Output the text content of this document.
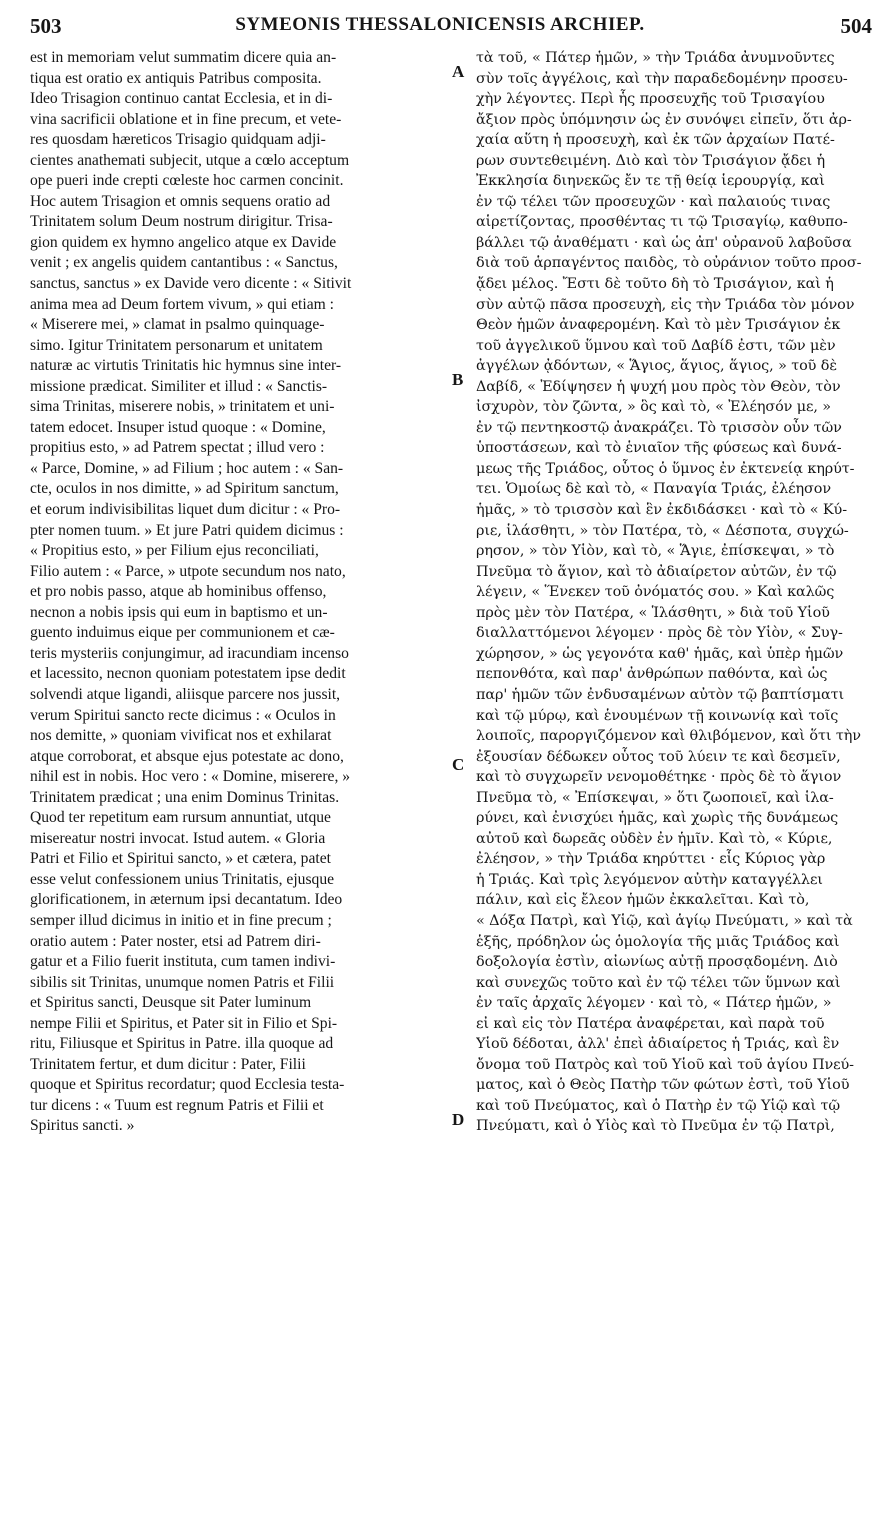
503	SYMEONIS THESSALONICENSIS ARCHIEP.	504
est in memoriam velut summatim dicere quia an-
tiqua est oratio ex antiquis Patribus composita.
Ideo Trisagion continuo cantat Ecclesia, et in di-
vina sacrificii oblatione et in fine precum, et vete-
res quosdam hæreticos Trisagio quidquam adji-
cientes anathemati subjecit, utque a cœlo acceptum
ope pueri inde crepti cœleste hoc carmen concinit.
Hoc autem Trisagion et omnis sequens oratio ad
Trinitatem solum Deum nostrum dirigitur. Trisa-
gion quidem ex hymno angelico atque ex Davide
venit ; ex angelis quidem cantantibus : « Sanctus,
sanctus, sanctus » ex Davide vero dicente : « Sitivit
anima mea ad Deum fortem vivum, » qui etiam :
« Miserere mei, » clamat in psalmo quinquage-
simo. Igitur Trinitatem personarum et unitatem
naturæ ac virtutis Trinitatis hic hymnus sine inter-
missione prædicat. Similiter et illud : « Sanctis-
sima Trinitas, miserere nobis, » trinitatem et uni-
tatem edocet. Insuper istud quoque : « Domine,
propitius esto, » ad Patrem spectat ; illud vero :
« Parce, Domine, » ad Filium ; hoc autem : « San-
cte, oculos in nos dimitte, » ad Spiritum sanctum,
et eorum indivisibilitas liquet dum dicitur : « Pro-
pter nomen tuum. » Et jure Patri quidem dicimus :
« Propitius esto, » per Filium ejus reconciliati,
Filio autem : « Parce, » utpote secundum nos nato,
et pro nobis passo, atque ab hominibus offenso,
necnon a nobis ipsis qui eum in baptismo et un-
guento induimus eique per communionem et cæ-
teris mysteriis conjungimur, ad iracundiam incenso
et lacessito, necnon quoniam potestatem ipse dedit
solvendi atque ligandi, aliisque parcere nos jussit,
verum Spiritui sancto recte dicimus : « Oculos in
nos demitte, » quoniam vivificat nos et exhilarat
atque corroborat, et absque ejus potestate ac dono,
nihil est in nobis. Hoc vero : « Domine, miserere, »
Trinitatem prædicat ; una enim Dominus Trinitas.
Quod ter repetitum eam rursum annuntiat, utque
misereatur nostri invocat. Istud autem. « Gloria
Patri et Filio et Spiritui sancto, » et cætera, patet
esse velut confessionem unius Trinitatis, ejusque
glorificationem, in æternum ipsi decantatum. Ideo
semper illud dicimus in initio et in fine precum ;
oratio autem : Pater noster, etsi ad Patrem diri-
gatur et a Filio fuerit instituta, cum tamen indivi-
sibilis sit Trinitas, unumque nomen Patris et Filii
et Spiritus sancti, Deusque sit Pater luminum
nempe Filii et Spiritus, et Pater sit in Filio et Spi-
ritu, Filiusque et Spiritus in Patre. illa quoque ad
Trinitatem fertur, et dum dicitur : Pater, Filii
quoque et Spiritus recordatur; quod Ecclesia testa-
tur dicens : « Tuum est regnum Patris et Filii et
Spiritus sancti. »
τὰ τοῦ, « Πάτερ ἡμῶν, » τὴν Τριάδα ἀνυμνοῦντες
σὺν τοῖς ἀγγέλοις, καὶ τὴν παραδεδομένην προσευ-
χὴν λέγοντες. Περὶ ἧς προσευχῆς τοῦ Τρισαγίου
ἄξιον πρὸς ὑπόμνησιν ὡς ἐν συνόψει εἰπεῖν, ὅτι ἀρ-
χαία αὕτη ἡ προσευχὴ, καὶ ἐκ τῶν ἀρχαίων Πατέ-
ρων συντεθειμένη. Διὸ καὶ τὸν Τρισάγιον ᾄδει ἡ
Ἐκκλησία διηνεκῶς ἔν τε τῇ θείᾳ ἱερουργίᾳ, καὶ
ἐν τῷ τέλει τῶν προσευχῶν · καὶ παλαιούς τινας
αἱρετίζοντας, προσθέντας τι τῷ Τρισαγίῳ, καθυπο-
βάλλει τῷ ἀναθέματι · καὶ ὡς ἀπ' οὐρανοῦ λαβοῦσα
διὰ τοῦ ἁρπαγέντος παιδὸς, τὸ οὐράνιον τοῦτο προσ-
ᾄδει μέλος. Ἔστι δὲ τοῦτο δὴ τὸ Τρισάγιον, καὶ ἡ
σὺν αὐτῷ πᾶσα προσευχὴ, εἰς τὴν Τριάδα τὸν μόνον
Θεὸν ἡμῶν ἀναφερομένη. Καὶ τὸ μὲν Τρισάγιον ἐκ
τοῦ ἀγγελικοῦ ὕμνου καὶ τοῦ Δαβίδ ἐστι, τῶν μὲν
ἀγγέλων ᾀδόντων, « Ἅγιος, ἅγιος, ἅγιος, » τοῦ δὲ
Δαβίδ, « Ἐδίψησεν ἡ ψυχή μου πρὸς τὸν Θεὸν, τὸν
ἰσχυρὸν, τὸν ζῶντα, » ὃς καὶ τὸ, « Ἐλέησόν με, »
ἐν τῷ πεντηκοστῷ ἀνακράζει. Τὸ τρισσὸν οὖν τῶν
ὑποστάσεων, καὶ τὸ ἑνιαῖον τῆς φύσεως καὶ δυνά-
μεως τῆς Τριάδος, οὗτος ὁ ὕμνος ἐν ἐκτενείᾳ κηρύτ-
τει. Ὁμοίως δὲ καὶ τὸ, « Παναγία Τριάς, ἐλέησον
ἡμᾶς, » τὸ τρισσὸν καὶ ἓν ἐκδιδάσκει · καὶ τὸ « Κύ-
ριε, ἱλάσθητι, » τὸν Πατέρα, τὸ, « Δέσποτα, συγχώ-
ρησον, » τὸν Υἱὸν, καὶ τὸ, « Ἅγιε, ἐπίσκεψαι, » τὸ
Πνεῦμα τὸ ἅγιον, καὶ τὸ ἀδιαίρετον αὐτῶν, ἐν τῷ
λέγειν, « Ἕνεκεν τοῦ ὀνόματός σου. » Καὶ καλῶς
πρὸς μὲν τὸν Πατέρα, « Ἱλάσθητι, » διὰ τοῦ Υἱοῦ
διαλλαττόμενοι λέγομεν · πρὸς δὲ τὸν Υἱὸν, « Συγ-
χώρησον, » ὡς γεγονότα καθ' ἡμᾶς, καὶ ὑπὲρ ἡμῶν
πεπονθότα, καὶ παρ' ἀνθρώπων παθόντα, καὶ ὡς
παρ' ἡμῶν τῶν ἐνδυσαμένων αὐτὸν τῷ βαπτίσματι
καὶ τῷ μύρῳ, καὶ ἑνουμένων τῇ κοινωνίᾳ καὶ τοῖς
λοιποῖς, παροργιζόμενον καὶ θλιβόμενον, καὶ ὅτι τὴν
ἐξουσίαν δέδωκεν οὗτος τοῦ λύειν τε καὶ δεσμεῖν,
καὶ τὸ συγχωρεῖν νενομοθέτηκε · πρὸς δὲ τὸ ἅγιον
Πνεῦμα τὸ, « Ἐπίσκεψαι, » ὅτι ζωοποιεῖ, καὶ ἱλα-
ρύνει, καὶ ἐνισχύει ἡμᾶς, καὶ χωρὶς τῆς δυνάμεως
αὐτοῦ καὶ δωρεᾶς οὐδὲν ἐν ἡμῖν. Καὶ τὸ, « Κύριε,
ἐλέησον, » τὴν Τριάδα κηρύττει · εἷς Κύριος γὰρ
ἡ Τριάς. Καὶ τρὶς λεγόμενον αὐτὴν καταγγέλλει
πάλιν, καὶ εἰς ἔλεον ἡμῶν ἐκκαλεῖται. Καὶ τὸ,
« Δόξα Πατρὶ, καὶ Υἱῷ, καὶ ἁγίῳ Πνεύματι, » καὶ τὰ
ἑξῆς, πρόδηλον ὡς ὁμολογία τῆς μιᾶς Τριάδος καὶ
δοξολογία ἐστὶν, αἰωνίως αὐτῇ προσᾳδομένη. Διὸ
καὶ συνεχῶς τοῦτο καὶ ἐν τῷ τέλει τῶν ὕμνων καὶ
ἐν ταῖς ἀρχαῖς λέγομεν · καὶ τὸ, « Πάτερ ἡμῶν, »
εἰ καὶ εἰς τὸν Πατέρα ἀναφέρεται, καὶ παρὰ τοῦ
Υἱοῦ δέδοται, ἀλλ' ἐπεὶ ἀδιαίρετος ἡ Τριάς, καὶ ἓν
ὄνομα τοῦ Πατρὸς καὶ τοῦ Υἱοῦ καὶ τοῦ ἁγίου Πνεύ-
ματος, καὶ ὁ Θεὸς Πατὴρ τῶν φώτων ἐστὶ, τοῦ Υἱοῦ
καὶ τοῦ Πνεύματος, καὶ ὁ Πατὴρ ἐν τῷ Υἱῷ καὶ τῷ
Πνεύματι, καὶ ὁ Υἱὸς καὶ τὸ Πνεῦμα ἐν τῷ Πατρὶ,
A
B
C
D
